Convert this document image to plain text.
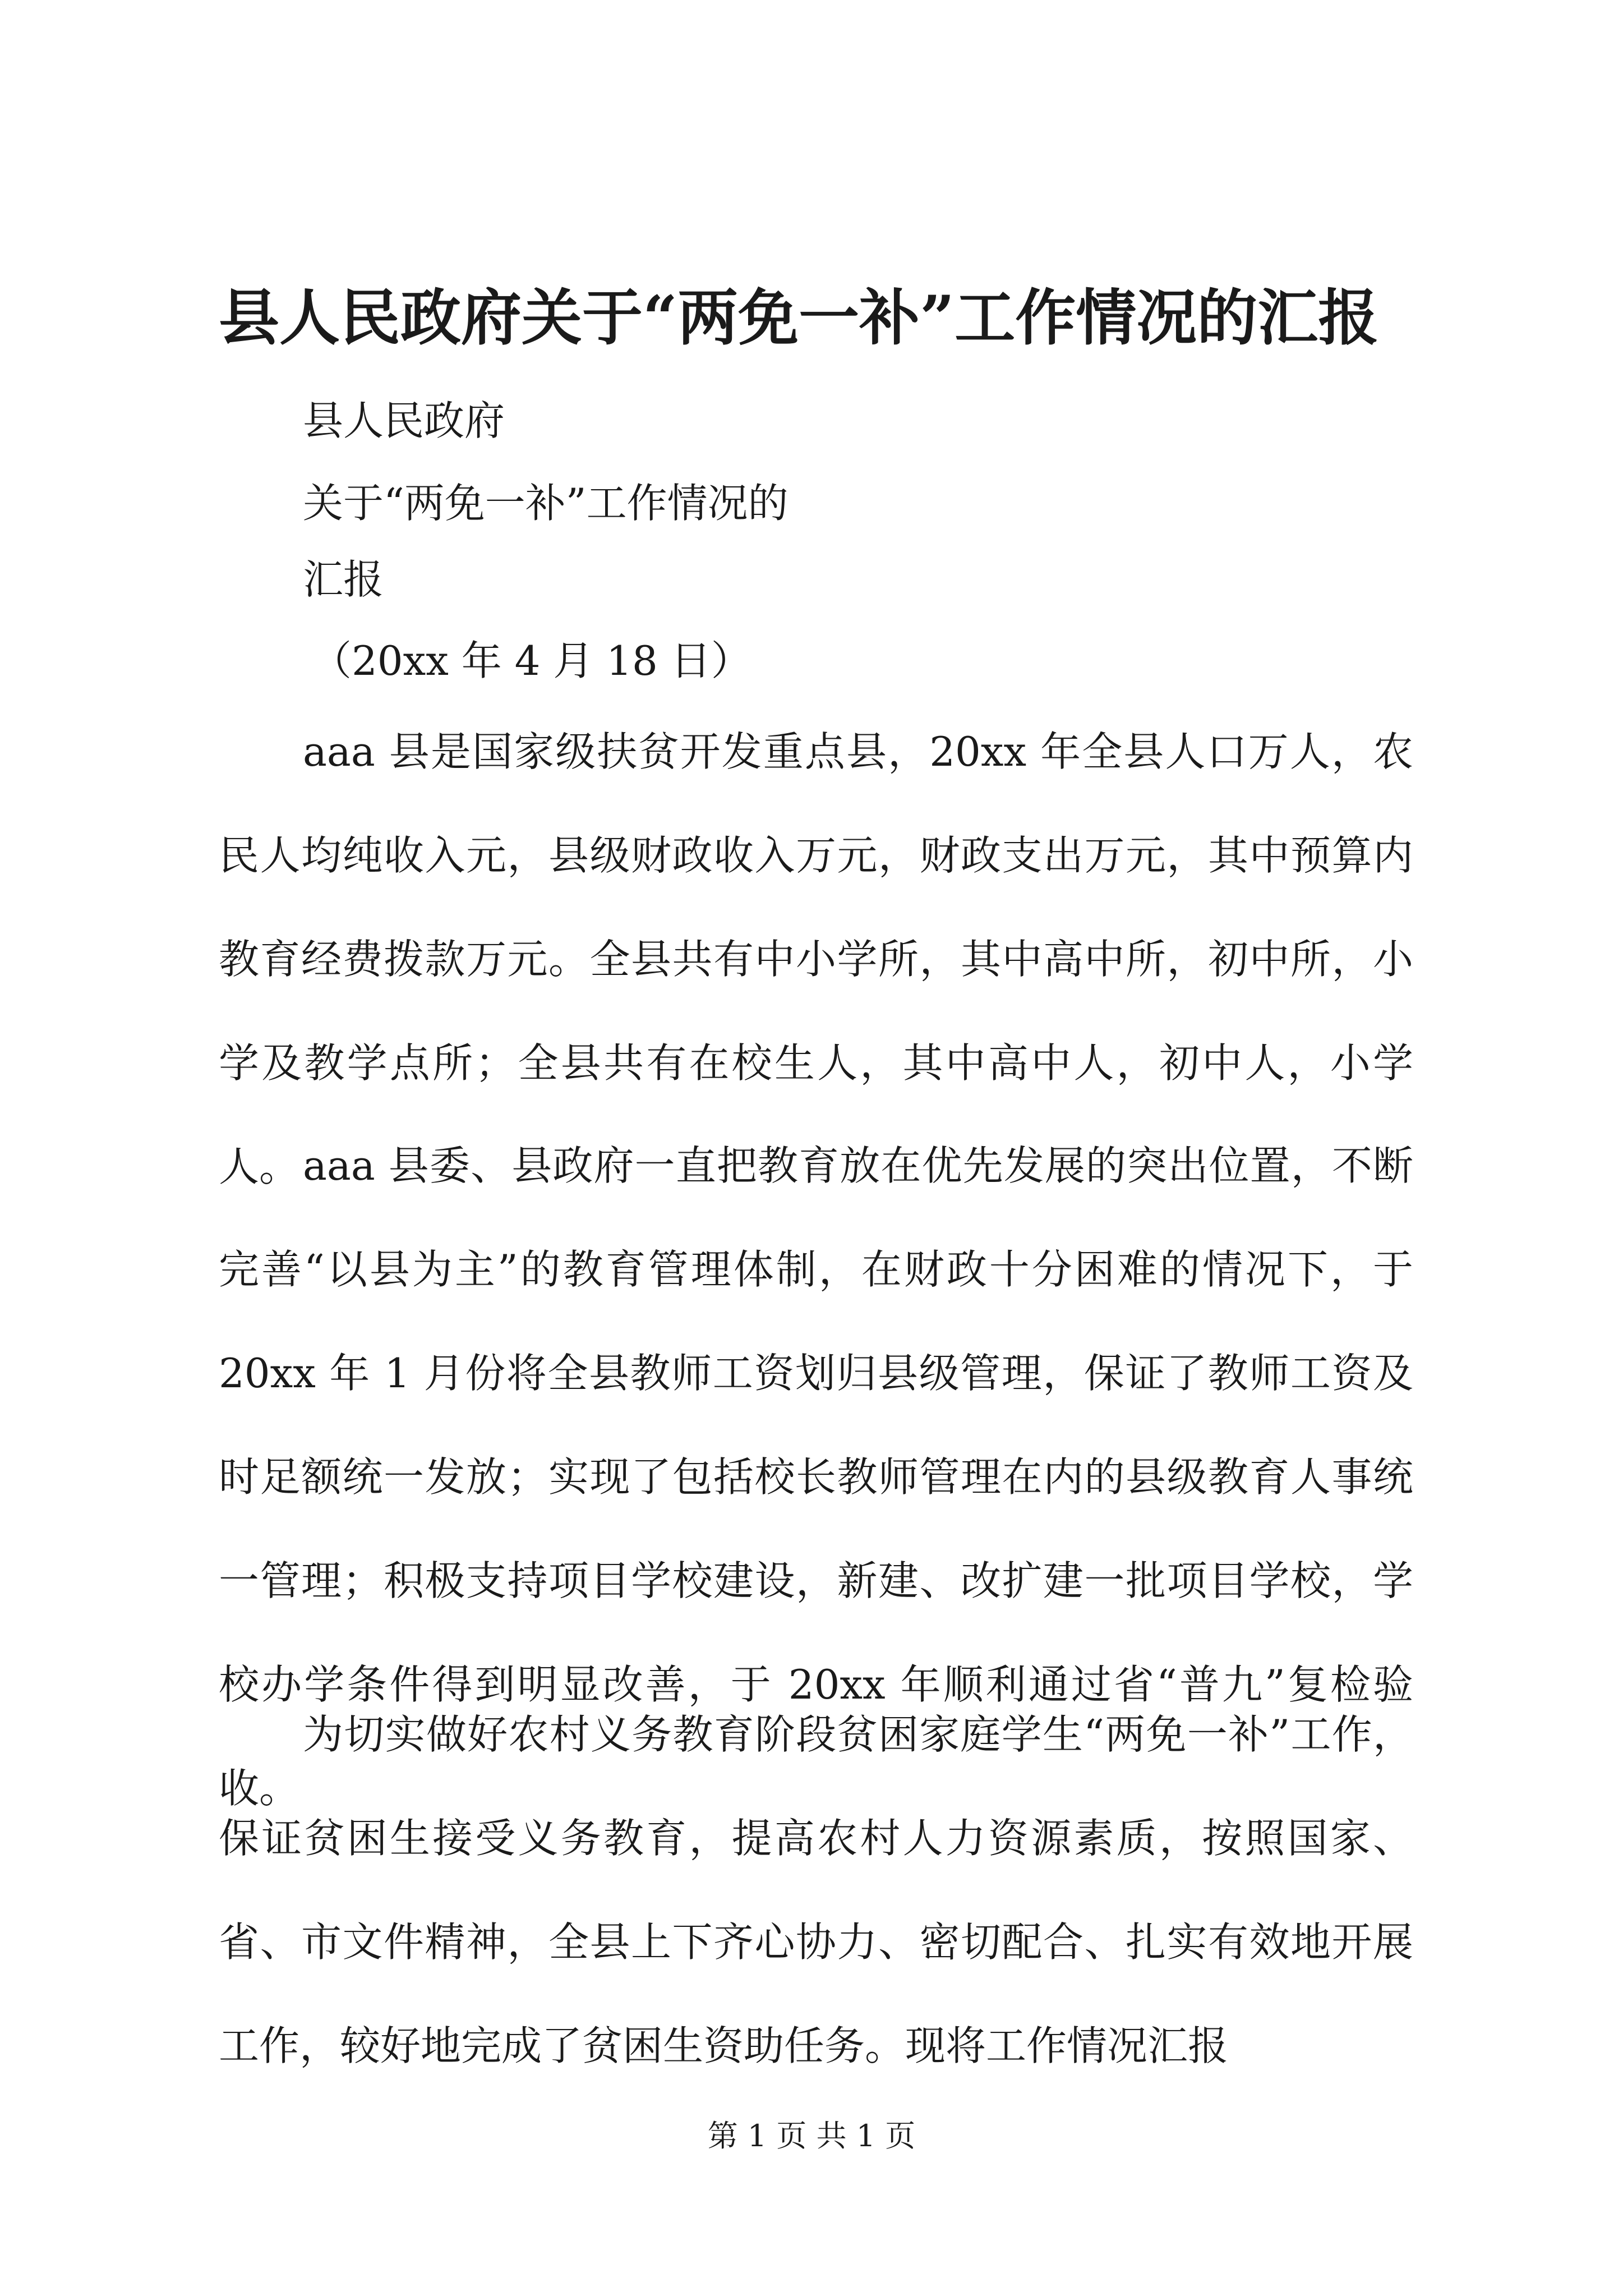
县人民政府关于“两免一补”工作情况的汇报
县人民政府
关于“两免一补”工作情况的
汇报
（20xx 年 4 月 18 日）

aaa 县是国家级扶贫开发重点县，20xx 年全县人口万人，农民人均纯收入元，县级财政收入万元，财政支出万元，其中预算内教育经费拨款万元。全县共有中小学所，其中高中所，初中所，小学及教学点所；全县共有在校生人，其中高中人，初中人，小学人。 aaa 县委、县政府一直把教育放在优先发展的突出位置，不断完善“以县为主”的教育管理体制，在财政十分困难的情况下，于 20xx 年 1 月份将全县教师工资划归县级管理，保证了教师工资及时足额统一发放；实现了包括校长教师管理在内的县级教育人事统一管理；积极支持项目学校建设，新建、改扩建一批项目学校，学校办学条件得到明显改善，于 20xx 年顺利通过省“普九”复检验收。

为切实做好农村义务教育阶段贫困家庭学生“两免一补”工作，保证贫困生接受义务教育，提高农村人力资源素质，按照国家、省、市文件精神，全县上下齐心协力、密切配合、扎实有效地开展工作，较好地完成了贫困生资助任务。现将工作情况汇报

第 1 页 共 1 页
